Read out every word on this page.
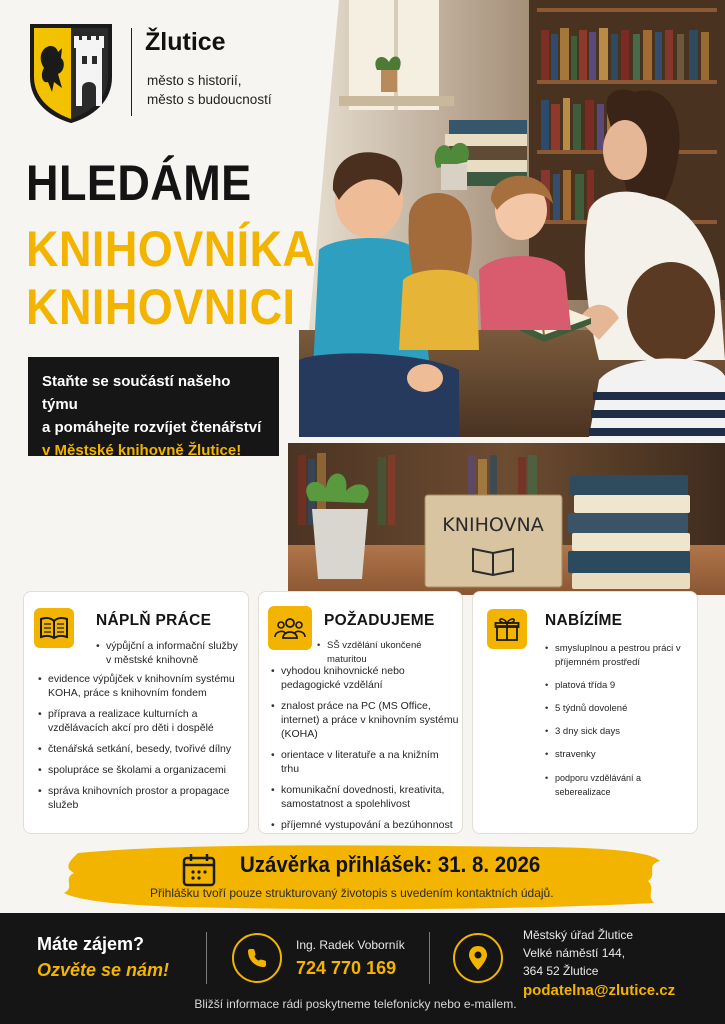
Žlutice
město s historií,
město s budoucností
HLEDÁME
KNIHOVNÍKA
KNIHOVNICI

Staňte se součástí našeho týmu

a pomáhejte rozvíjet čtenářství

v Městské knihovně Žlutice!

KNIHOVNA
NÁPLŇ PRÁCE
• výpůjční a informační služby v městské knihovně
• evidence výpůjček v knihovním systému KOHA, práce s knihovním fondem
• příprava a realizace kulturních a vzdělávacích akcí pro děti i dospělé
• čtenářská setkání, besedy, tvořivé dílny
• spolupráce se školami a organizacemi
• správa knihovních prostor a propagace služeb
POŽADUJEME
• SŠ vzdělání ukončené maturitou
• vyhodou knihovnické nebo pedagogické vzdělání
• znalost práce na PC (MS Office, internet) a práce v knihovním systému (KOHA)
• orientace v literatuře a na knižním trhu
• komunikační dovednosti, kreativita, samostatnost a spolehlivost
• příjemné vystupování a bezúhonnost
NABÍZÍME
• smysluplnou a pestrou práci v příjemném prostředí
• platová třída 9
• 5 týdnů dovolené
• 3 dny sick days
• stravenky
• podporu vzdělávání a seberealizace
Uzávěrka přihlášek: 31. 8. 2026
Přihlášku tvoří pouze strukturovaný životopis s uvedením kontaktních údajů.
Máte zájem?
Ozvěte se nám!
Ing. Radek Voborník
724 770 169
Městský úřad Žlutice
Velké náměstí 144,
364 52 Žlutice
podatelna@zlutice.cz
Bližší informace rádi poskytneme telefonicky nebo e-mailem.
